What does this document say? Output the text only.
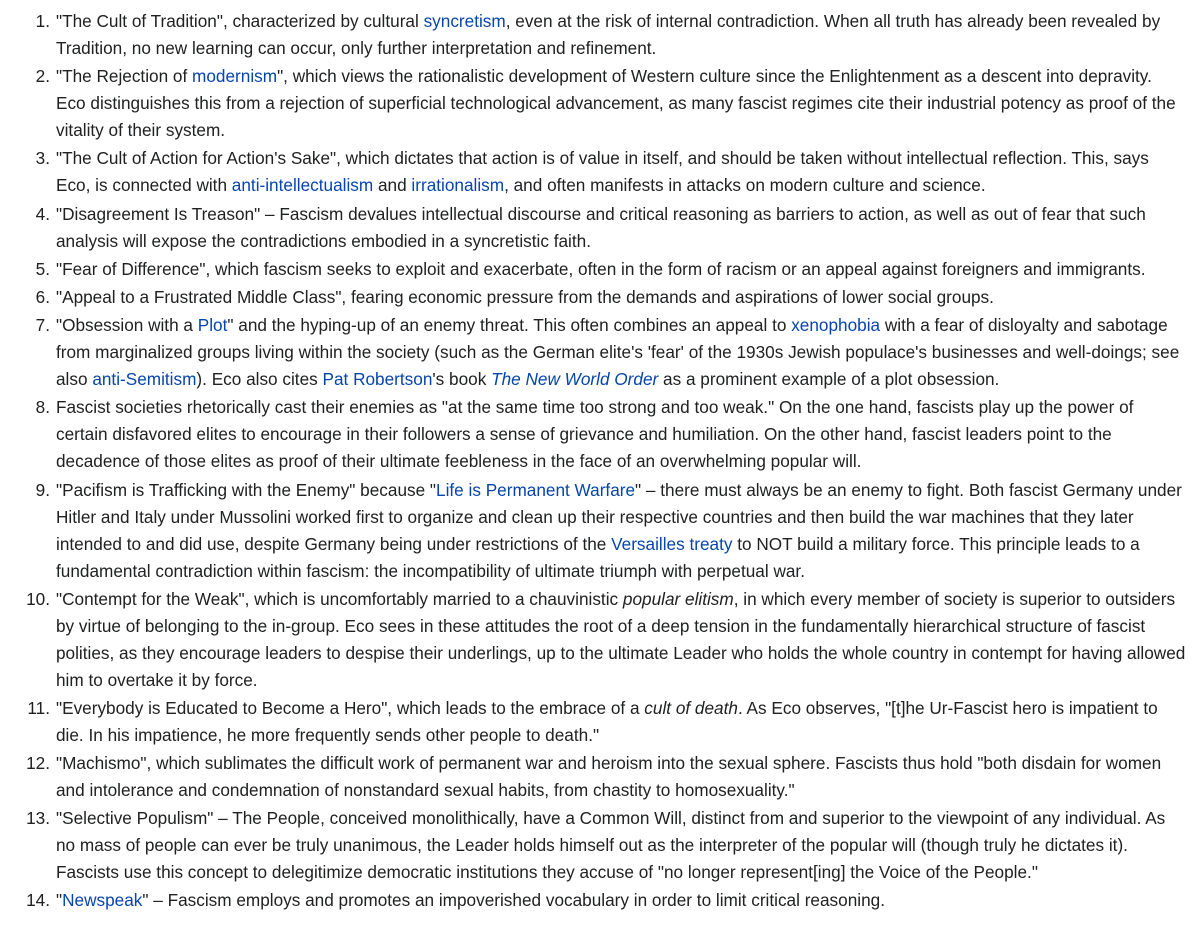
1. "The Cult of Tradition", characterized by cultural syncretism, even at the risk of internal contradiction. When all truth has already been revealed by Tradition, no new learning can occur, only further interpretation and refinement.
2. "The Rejection of modernism", which views the rationalistic development of Western culture since the Enlightenment as a descent into depravity. Eco distinguishes this from a rejection of superficial technological advancement, as many fascist regimes cite their industrial potency as proof of the vitality of their system.
3. "The Cult of Action for Action's Sake", which dictates that action is of value in itself, and should be taken without intellectual reflection. This, says Eco, is connected with anti-intellectualism and irrationalism, and often manifests in attacks on modern culture and science.
4. "Disagreement Is Treason" – Fascism devalues intellectual discourse and critical reasoning as barriers to action, as well as out of fear that such analysis will expose the contradictions embodied in a syncretistic faith.
5. "Fear of Difference", which fascism seeks to exploit and exacerbate, often in the form of racism or an appeal against foreigners and immigrants.
6. "Appeal to a Frustrated Middle Class", fearing economic pressure from the demands and aspirations of lower social groups.
7. "Obsession with a Plot" and the hyping-up of an enemy threat. This often combines an appeal to xenophobia with a fear of disloyalty and sabotage from marginalized groups living within the society (such as the German elite's 'fear' of the 1930s Jewish populace's businesses and well-doings; see also anti-Semitism). Eco also cites Pat Robertson's book The New World Order as a prominent example of a plot obsession.
8. Fascist societies rhetorically cast their enemies as "at the same time too strong and too weak." On the one hand, fascists play up the power of certain disfavored elites to encourage in their followers a sense of grievance and humiliation. On the other hand, fascist leaders point to the decadence of those elites as proof of their ultimate feebleness in the face of an overwhelming popular will.
9. "Pacifism is Trafficking with the Enemy" because "Life is Permanent Warfare" – there must always be an enemy to fight. Both fascist Germany under Hitler and Italy under Mussolini worked first to organize and clean up their respective countries and then build the war machines that they later intended to and did use, despite Germany being under restrictions of the Versailles treaty to NOT build a military force. This principle leads to a fundamental contradiction within fascism: the incompatibility of ultimate triumph with perpetual war.
10. "Contempt for the Weak", which is uncomfortably married to a chauvinistic popular elitism, in which every member of society is superior to outsiders by virtue of belonging to the in-group. Eco sees in these attitudes the root of a deep tension in the fundamentally hierarchical structure of fascist polities, as they encourage leaders to despise their underlings, up to the ultimate Leader who holds the whole country in contempt for having allowed him to overtake it by force.
11. "Everybody is Educated to Become a Hero", which leads to the embrace of a cult of death. As Eco observes, "[t]he Ur-Fascist hero is impatient to die. In his impatience, he more frequently sends other people to death."
12. "Machismo", which sublimates the difficult work of permanent war and heroism into the sexual sphere. Fascists thus hold "both disdain for women and intolerance and condemnation of nonstandard sexual habits, from chastity to homosexuality."
13. "Selective Populism" – The People, conceived monolithically, have a Common Will, distinct from and superior to the viewpoint of any individual. As no mass of people can ever be truly unanimous, the Leader holds himself out as the interpreter of the popular will (though truly he dictates it). Fascists use this concept to delegitimize democratic institutions they accuse of "no longer represent[ing] the Voice of the People."
14. "Newspeak" – Fascism employs and promotes an impoverished vocabulary in order to limit critical reasoning.
